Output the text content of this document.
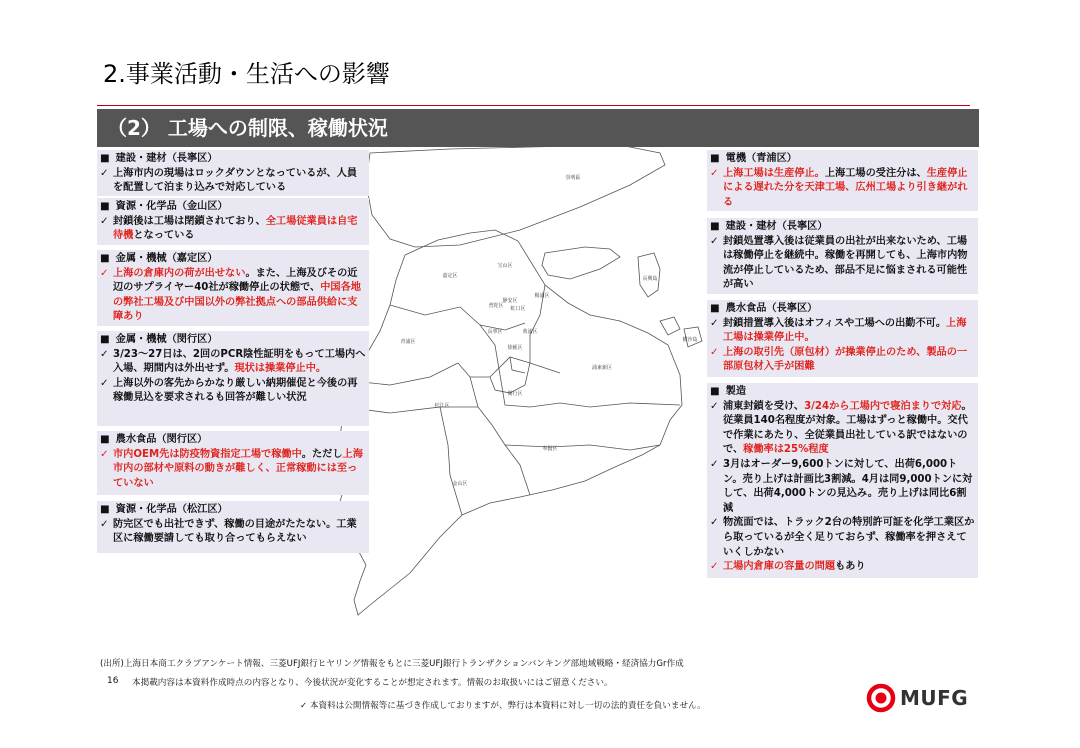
2.事業活動・生活への影響
（2） 工場への制限、稼働状況
崇明區
宝山区
嘉定区
静安区
虹口区
普陀区
楊浦区
長寧区	黄浦区
徐匯区
閔行区
青浦区
浦東新区
松江区
奉賢区
金山区
長興島
横沙島
■ 建設・建材（長寧区）
✓ 上海市内の現場はロックダウンとなっているが、人員を配置して泊まり込みで対応している
■ 資源・化学品（金山区）
✓ 封鎖後は工場は閉鎖されており、全工場従業員は自宅待機となっている
■ 金属・機械（嘉定区）
✓ 上海の倉庫内の荷が出せない。また、上海及びその近辺のサプライヤー40社が稼働停止の状態で、中国各地の弊社工場及び中国以外の弊社拠点への部品供給に支障あり
■ 金属・機械（閔行区）
✓ 3/23～27日は、2回のPCR陰性証明をもって工場内へ入場、期間内は外出せず。現状は操業停止中。
✓ 上海以外の客先からかなり厳しい納期催促と今後の再稼働見込を要求されるも回答が難しい状況
■ 農水食品（閔行区）
✓ 市内OEM先は防疫物資指定工場で稼働中。ただし上海市内の部材や原料の動きが難しく、正常稼動には至っていない
■ 資源・化学品（松江区）
✓ 防完区でも出社できず、稼働の目途がたたない。工業区に稼働要請しても取り合ってもらえない
■ 電機（青浦区）
✓ 上海工場は生産停止。上海工場の受注分は、生産停止による遅れた分を天津工場、広州工場より引き継がれる
■ 建設・建材（長寧区）
✓ 封鎖処置導入後は従業員の出社が出来ないため、工場は稼働停止を継続中。稼働を再開しても、上海市内物流が停止しているため、部品不足に悩まされる可能性が高い
■ 農水食品（長寧区）
✓ 封鎖措置導入後はオフィスや工場への出勤不可。上海工場は操業停止中。
✓ 上海の取引先（原包材）が操業停止のため、製品の一部原包材入手が困難
■ 製造
✓ 浦東封鎖を受け、3/24から工場内で寝泊まりで対応。従業員140名程度が対象。工場はずっと稼働中。交代で作業にあたり、全従業員出社している訳ではないので、稼働率は25%程度
✓ 3月はオーダー9,600トンに対して、出荷6,000トン。売り上げは計画比3割減。4月は同9,000トンに対して、出荷4,000トンの見込み。売り上げは同比6割減
✓ 物流面では、トラック2台の特別許可証を化学工業区から取っているが全く足りておらず、稼働率を押さえていくしかない
✓ 工場内倉庫の容量の問題もあり
(出所)上海日本商工クラブアンケート情報、三菱UFJ銀行ヒヤリング情報をもとに三菱UFJ銀行トランザクションバンキング部地域戦略・経済協力Gr作成
16 本掲載内容は本資料作成時点の内容となり、今後状況が変化することが想定されます。情報のお取扱いにはご留意ください。
✓ 本資料は公開情報等に基づき作成しておりますが、弊行は本資料に対し一切の法的責任を負いません。	MUFG
